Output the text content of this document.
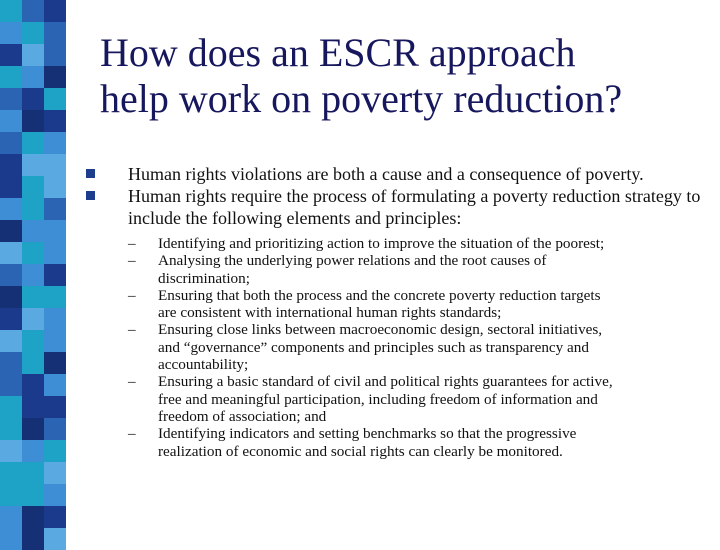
How does an ESCR approach
help work on poverty reduction?
Human rights violations are both a cause and a consequence of poverty.
Human rights require the process of formulating a poverty reduction strategy to include the following elements and principles:
– Identifying and prioritizing action to improve the situation of the poorest;
– Analysing the underlying power relations and the root causes of
discrimination;
– Ensuring that both the process and the concrete poverty reduction targets
are consistent with international human rights standards;
– Ensuring close links between macroeconomic design, sectoral initiatives,
and “governance” components and principles such as transparency and
accountability;
– Ensuring a basic standard of civil and political rights guarantees for active,
free and meaningful participation, including freedom of information and
freedom of association; and
– Identifying indicators and setting benchmarks so that the progressive
realization of economic and social rights can clearly be monitored.
